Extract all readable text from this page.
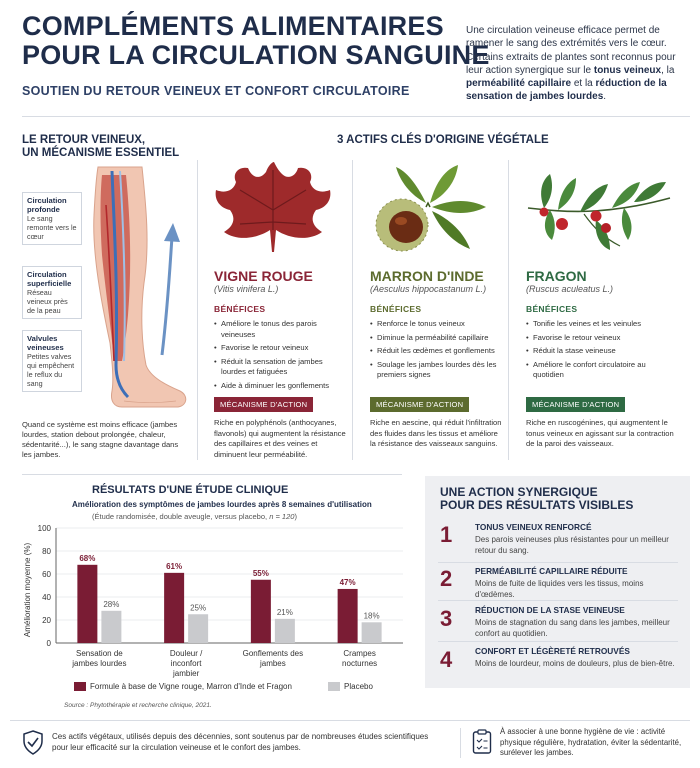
COMPLÉMENTS ALIMENTAIRES
POUR LA CIRCULATION SANGUINE
SOUTIEN DU RETOUR VEINEUX ET CONFORT CIRCULATOIRE
Une circulation veineuse efficace permet de ramener le sang des extrémités vers le cœur. Certains extraits de plantes sont reconnus pour leur action synergique sur le tonus veineux, la perméabilité capillaire et la réduction de la sensation de jambes lourdes.
LE RETOUR VEINEUX,
UN MÉCANISME ESSENTIEL
Circulation profonde
Le sang remonte vers le cœur
Circulation superficielle
Réseau veineux près de la peau
Valvules veineuses
Petites valves qui empêchent le reflux du sang
Quand ce système est moins efficace (jambes lourdes, station debout prolongée, chaleur, sédentarité...), le sang stagne davantage dans les jambes.
3 ACTIFS CLÉS D'ORIGINE VÉGÉTALE
VIGNE ROUGE
(Vitis vinifera L.)
BÉNÉFICES
• Améliore le tonus des parois veineuses
• Favorise le retour veineux
• Réduit la sensation de jambes lourdes et fatiguées
• Aide à diminuer les gonflements
MÉCANISME D'ACTION
Riche en polyphénols (anthocyanes, flavonols) qui augmentent la résistance des capillaires et des veines et diminuent leur perméabilité.
MARRON D'INDE
(Aesculus hippocastanum L.)
BÉNÉFICES
• Renforce le tonus veineux
• Diminue la perméabilité capillaire
• Réduit les œdèmes et gonflements
• Soulage les jambes lourdes dès les premiers signes
MÉCANISME D'ACTION
Riche en aescine, qui réduit l'infiltration des fluides dans les tissus et améliore la résistance des vaisseaux sanguins.
FRAGON
(Ruscus aculeatus L.)
BÉNÉFICES
• Tonifie les veines et les veinules
• Favorise le retour veineux
• Réduit la stase veineuse
• Améliore le confort circulatoire au quotidien
MÉCANISME D'ACTION
Riche en ruscogénines, qui augmentent le tonus veineux en agissant sur la contraction de la paroi des vaisseaux.
RÉSULTATS D'UNE ÉTUDE CLINIQUE
Amélioration des symptômes de jambes lourdes après 8 semaines d'utilisation
(Étude randomisée, double aveugle, versus placebo, n = 120)
0
20
40
60
80
100
68%
28%
61%
25%
55%
21%
47%
18%
Sensation de jambes lourdes
Douleur / inconfort jambier
Gonflements des jambes
Crampes nocturnes
Amélioration moyenne (%)
Formule à base de Vigne rouge, Marron d'Inde et Fragon	Placebo
Source : Phytothérapie et recherche clinique, 2021.
UNE ACTION SYNERGIQUE
POUR DES RÉSULTATS VISIBLES
1	TONUS VEINEUX RENFORCÉ
Des parois veineuses plus résistantes pour un meilleur retour du sang.
2	PERMÉABILITÉ CAPILLAIRE RÉDUITE
Moins de fuite de liquides vers les tissus, moins d'œdèmes.
3	RÉDUCTION DE LA STASE VEINEUSE
Moins de stagnation du sang dans les jambes, meilleur confort au quotidien.
4	CONFORT ET LÉGÈRETÉ RETROUVÉS
Moins de lourdeur, moins de douleurs, plus de bien-être.
Ces actifs végétaux, utilisés depuis des décennies, sont soutenus par de nombreuses études scientifiques pour leur efficacité sur la circulation veineuse et le confort des jambes.
À associer à une bonne hygiène de vie : activité physique régulière, hydratation, éviter la sédentarité, surélever les jambes.
